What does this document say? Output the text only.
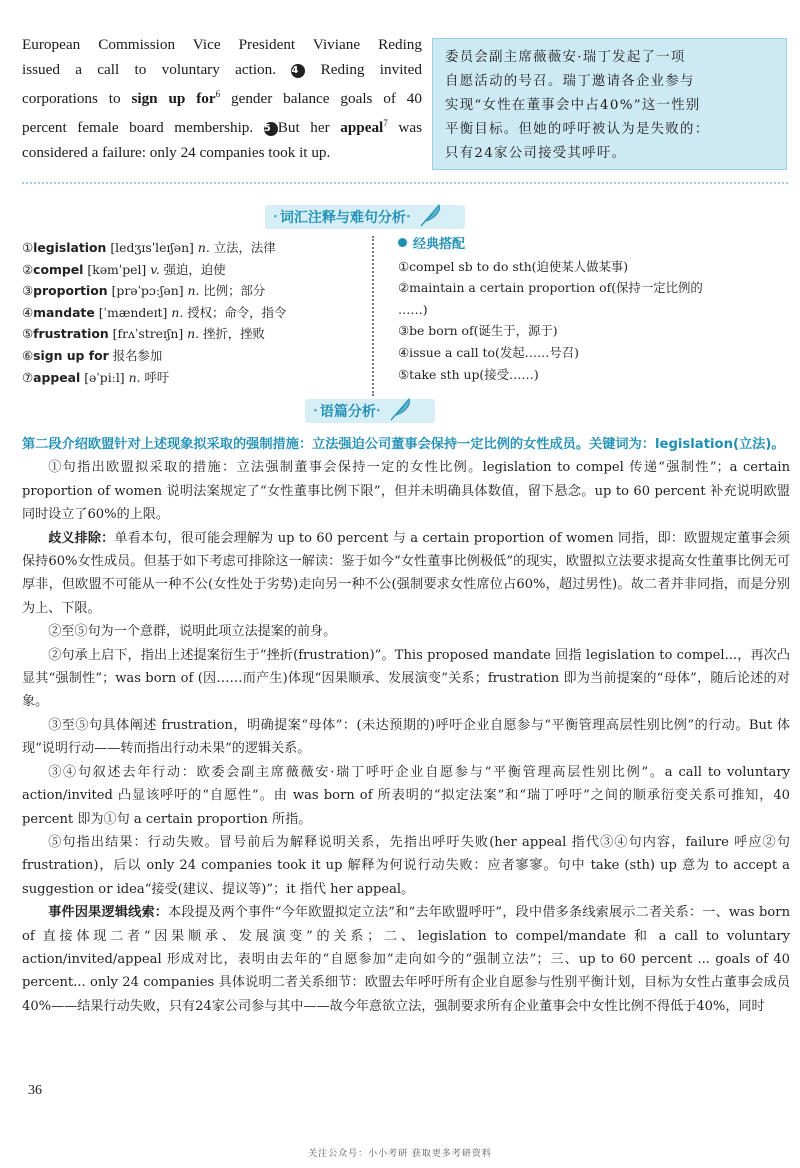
European Commission Vice President Viviane Reding
issued a call to voluntary action. 4 Reding invited
corporations to sign up for$^6$ gender balance goals of 40
percent female board membership. 5 But her appeal$^7$ was
considered a failure: only 24 companies took it up.
委员会副主席薇薇安·瑞丁发起了一项
自愿活动的号召。瑞丁邀请各企业参与
实现“女性在董事会中占40%”这一性别
平衡目标。但她的呼吁被认为是失败的：
只有24家公司接受其呼吁。
· 词汇注释与难句分析 ·
①legislation [ledʒɪsˈleɪʃən] n. 立法，法律
②compel [kəmˈpel] v. 强迫，迫使
③proportion [prəˈpɔːʃən] n. 比例；部分
④mandate [ˈmændeɪt] n. 授权；命令，指令
⑤frustration [frʌˈstreɪʃn] n. 挫折，挫败
⑥sign up for 报名参加
⑦appeal [əˈpiːl] n. 呼吁
经典搭配
①compel sb to do sth(迫使某人做某事)
②maintain a certain proportion of(保持一定比例的
……)
③be born of(诞生于，源于)
④issue a call to(发起……号召)
⑤take sth up(接受……)
· 语篇分析 ·

第二段介绍欧盟针对上述现象拟采取的强制措施：立法强迫公司董事会保持一定比例的女性成员。关键词为：legislation(立法)。

①句指出欧盟拟采取的措施：立法强制董事会保持一定的女性比例。legislation to compel 传递“强制性”；a certain proportion of women 说明法案规定了“女性董事比例下限”，但并未明确具体数值，留下悬念。up to 60 percent 补充说明欧盟同时设立了60%的上限。

歧义排除：单看本句，很可能会理解为 up to 60 percent 与 a certain proportion of women 同指，即：欧盟规定董事会须保持60%女性成员。但基于如下考虑可排除这一解读：鉴于如今“女性董事比例极低”的现实，欧盟拟立法要求提高女性董事比例无可厚非，但欧盟不可能从一种不公(女性处于劣势)走向另一种不公(强制要求女性席位占60%，超过男性)。故二者并非同指，而是分别为上、下限。

②至⑤句为一个意群，说明此项立法提案的前身。

②句承上启下，指出上述提案衍生于“挫折(frustration)”。This proposed mandate 回指 legislation to compel...，再次凸显其“强制性”；was born of (因……而产生)体现“因果顺承、发展演变”关系；frustration 即为当前提案的“母体”，随后论述的对象。

③至⑤句具体阐述 frustration，明确提案“母体”：(未达预期的)呼吁企业自愿参与“平衡管理高层性别比例”的行动。But 体现“说明行动——转而指出行动未果”的逻辑关系。

③④句叙述去年行动：欧委会副主席薇薇安·瑞丁呼吁企业自愿参与“平衡管理高层性别比例”。a call to voluntary action/invited 凸显该呼吁的“自愿性”。由 was born of 所表明的“拟定法案”和“瑞丁呼吁”之间的顺承衍变关系可推知，40 percent 即为①句 a certain proportion 所指。

⑤句指出结果：行动失败。冒号前后为解释说明关系，先指出呼吁失败(her appeal 指代③④句内容，failure 呼应②句 frustration)，后以 only 24 companies took it up 解释为何说行动失败：应者寥寥。句中 take (sth) up 意为 to accept a suggestion or idea“接受(建议、提议等)”；it 指代 her appeal。

事件因果逻辑线索：本段提及两个事件“今年欧盟拟定立法”和“去年欧盟呼吁”，段中借多条线索展示二者关系：一、was born of 直接体现二者“因果顺承、发展演变”的关系；二、legislation to compel/mandate 和 a call to voluntary action/invited/appeal 形成对比，表明由去年的“自愿参加”走向如今的“强制立法”；三、up to 60 percent ... goals of 40 percent... only 24 companies 具体说明二者关系细节：欧盟去年呼吁所有企业自愿参与性别平衡计划，目标为女性占董事会成员 40%——结果行动失败，只有24家公司参与其中——故今年意欲立法，强制要求所有企业董事会中女性比例不得低于40%，同时

36
关注公众号：小小考研 获取更多考研资料
